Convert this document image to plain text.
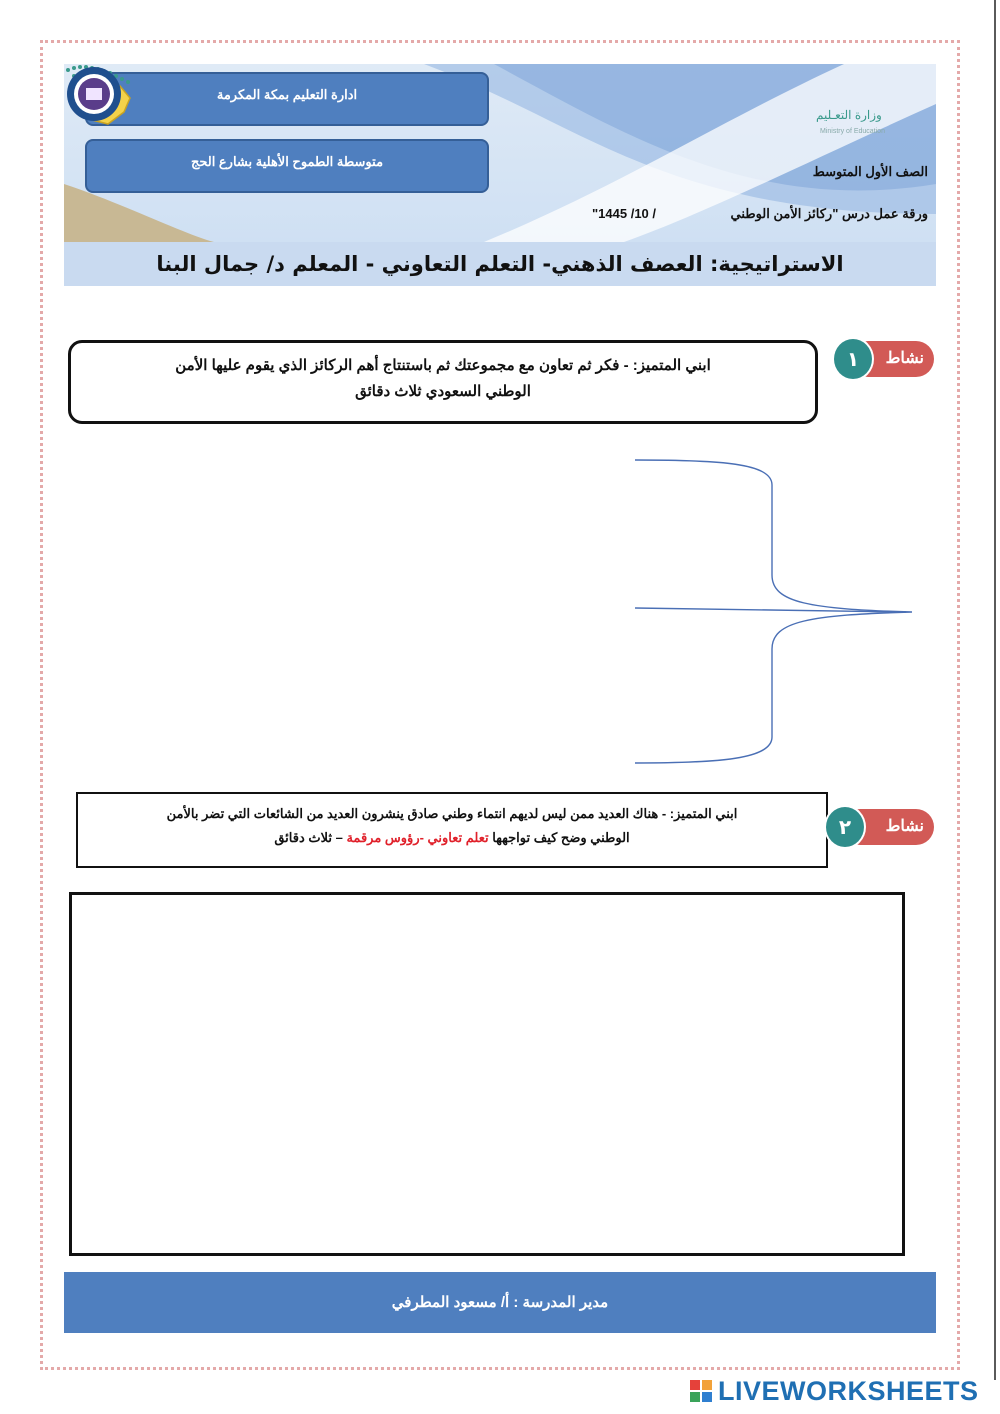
ادارة التعليم بمكة المكرمة
متوسطة الطموح الأهلية بشارع الحج
وزارة التعـليم
Ministry of Education
الصف الأول المتوسط
ورقة عمل درس "ركائز الأمن الوطني
/ 10/ 1445"
الاستراتيجية: العصف الذهني- التعلم التعاوني - المعلم د/ جمال البنا
نشاط
١
ابني المتميز: - فكر ثم تعاون مع مجموعتك ثم باستنتاج أهم الركائز الذي يقوم عليها الأمن
الوطني السعودي ثلاث دقائق
ابني المتميز: - هناك العديد ممن ليس لديهم انتماء وطني صادق ينشرون العديد من الشائعات التي تضر بالأمن
الوطني وضح كيف تواجهها تعلم تعاوني -رؤوس مرقمة – ثلاث دقائق
نشاط
٢
مدير المدرسة : أ/ مسعود المطرفي
LIVEWORKSHEETS
